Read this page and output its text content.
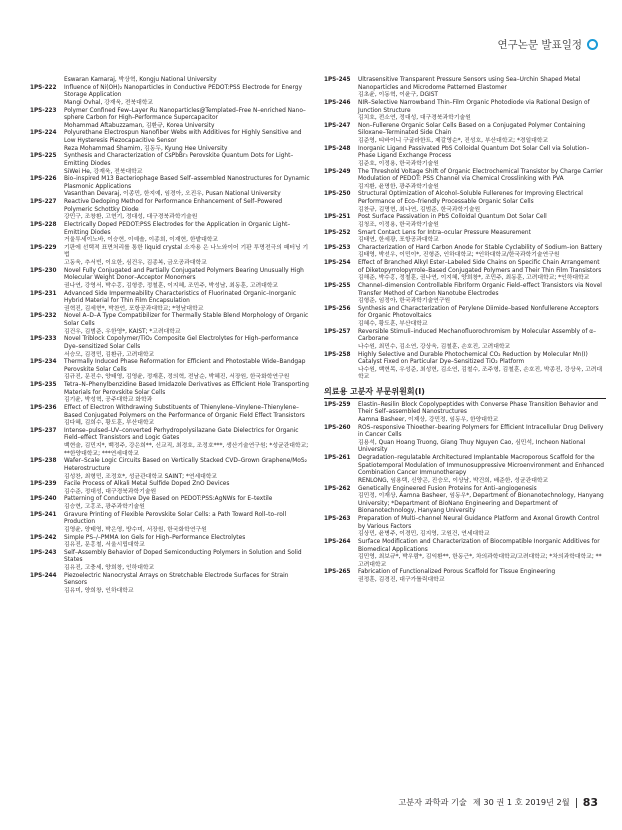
연구논문 발표일정
Eswaran Kamaraj, 박상혁, Kongju National University
1PS-222	Influence of Ni(OH)₂ Nanoparticles in Conductive PEDOT:PSS Electrode for Energy Storage Application
Mangi Ovhal, 강재욱, 전북대학교
1PS-223	Polymer Confined Few–Layer Ru Nanoparticles@Templated–Free N–enriched Nano–sphere Carbon for High–Performance Supercapacitor
Mohammad Aftabuzzaman, 김환규, Korea University
1PS-224	Polyurethane Electrospun Nanofiber Webs with Additives for Highly Sensitive and Low Hysteresis Piezocapacitive Sensor
Reza Mohammad Shamim, 김동두, Kyung Hee University
1PS-225	Synthesis and Characterization of CsPbBr₃ Perovskite Quantum Dots for Light–Emitting Diodes
SiWei He, 강재욱, 전북대학교
1PS-226	Bio–inspired M13 Bacteriophage Based Self–assembled Nanostructures for Dynamic Plasmonic Applications
Vasanthan Devaraj, 이종민, 한지예, 임경아, 오진우, Pusan National University
1PS-227	Reactive Dedoping Method for Performance Enhancement of Self–Powered Polymeric Schottky Diode
강민구, 조창환, 고현기, 정대성, 대구경북과학기술원
1PS-228	Electrically Doped PEDOT:PSS Electrodes for the Application in Organic Light–Emitting Diodes
거울투세이노바, 이승현, 이예솔, 이종희, 이재현, 한밭대학교
1PS-229	기판에 선택적 표면처리를 통한 liquid crystal 소자용 은 나노와이어 기판 투명전극의 패터닝 기법
고동욱, 추서빈, 이요한, 심건우, 김종복, 금오공과대학교
1PS-230	Novel Fully Conjugated and Partially Conjugated Polymers Bearing Unusually High Molecular Weight Donor–Acceptor Monomers
권나연, 강영서, 박수홍, 김형중, 정철훈, 이지혜, 조민주, 박성남, 최동훈, 고려대학교
1PS-231	Advanced Side Impermeability Characteristics of Fluorinated Organic–Inorganic Hybrid Material for Thin Film Encapsulation
권혁진, 김세현*, 박찬언, 포항공과대학교; *영남대학교
1PS-232	Novel A–D–A Type Compatibilizer for Thermally Stable Blend Morphology of Organic Solar Cells
김건우, 김범준, 우한영*, KAIST; *고려대학교
1PS-233	Novel Triblock Copolymer/TiO₂ Composite Gel Electrolytes for High–performance Dye–sensitized Solar Cells
서승모, 김경민, 김환규, 고려대학교
1PS-234	Thermally Induced Phase Reformation for Efficient and Photostable Wide–Bandgap Perovskite Solar Cells
김규진, 문진수, 양태영, 김영윤, 정재훈, 정의혁, 전남순, 박혜진, 서장원, 한국화학연구원
1PS-235	Tetra–N–Phenylbenzidine Based Imidazole Derivatives as Efficient Hole Transporting Materials for Perovskite Solar Cells
김기윤, 박성혁, 공주대학교 화학과
1PS-236	Effect of Electron Withdrawing Substituents of Thienylene–Vinylene–Thienylene–Based Conjugated Polymers on the Performance of Organic Field Effect Transistors
김다혜, 김희수, 황도훈, 부산대학교
1PS-237	Intense–pulsed–UV–converted Perhydropolysilazane Gate Dielectrics for Organic Field–effect Transistors and Logic Gates
백현술, 김민지*, 백정주, 강은희**, 신교직, 최경호, 조정호***, 생산기술연구원; *성균관대학교; **한양대학교; ***연세대학교
1PS-238	Wafer–Scale Logic Circuits Based on Vertically Stacked CVD–Grown Graphene/MoS₂ Heterostructure
김성찬, 최형민, 조정호*, 성균관대학교 SAINT; *연세대학교
1PS-239	Facile Process of Alkali Metal Sulfide Doped ZnO Devices
김수준, 정대성, 대구경북과학기술원
1PS-240	Patterning of Conductive Dye Based on PEDOT:PSS:AgNWs for E–textile
김승현, 고홍조, 광주과학기술원
1PS-241	Gravure Printing of Flexible Perovskite Solar Cells: a Path Toward Roll–to–roll Production
김영윤, 양태영, 박은영, 방수미, 서장원, 한국화학연구원
1PS-242	Simple PS–/–PMMA Ion Gels for High–Performance Electrolytes
김유진, 문홍철, 서울시립대학교
1PS-243	Self–Assembly Behavior of Doped Semiconducting Polymers in Solution and Solid States
김유진, 고충세, 양희창, 인하대학교
1PS-244	Piezoelectric Nanocrystal Arrays on Stretchable Electrode Surfaces for Strain Sensors
김유미, 양희창, 인하대학교
1PS-245	Ultrasensitive Transparent Pressure Sensors using Sea–Urchin Shaped Metal Nanoparticles and Microdome Patterned Elastomer
김초윤, 이동혁, 이윤구, DGIST
1PS-246	NIR–Selective Narrowband Thin–Film Organic Photodiode via Rational Design of Junction Structure
김치호, 전소연, 정대성, 대구경북과학기술원
1PS-247	Non–Fullerene Organic Solar Cells Based on a Conjugated Polymer Containing Siloxane–Terminated Side Chain
김준영, 티바이니 구굴라한트, 제갈영순*, 진성호, 부산대학교; *경일대학교
1PS-248	Inorganic Ligand Passivated PbS Colloidal Quantum Dot Solar Cell via Solution–Phase Ligand Exchange Process
김준호, 이정용, 한국과학기술원
1PS-249	The Threshold Voltage Shift of Organic Electrochemical Transistor by Charge Carrier Modulation of PEDOT: PSS Channel via Chemical Crosslinking with PVA
김지환, 윤명한, 광주과학기술원
1PS-250	Structural Optimization of Alcohol–Soluble Fullerenes for Improving Electrical Performance of Eco–friendly Processable Organic Solar Cells
김찬규, 김명현, 최나연, 김범준, 한국과학기술원
1PS-251	Post Surface Passivation in PbS Colloidal Quantum Dot Solar Cell
김청조, 이정용, 한국과학기술원
1PS-252	Smart Contact Lens for Intra–ocular Pressure Measurement
김태연, 한세광, 포항공과대학교
1PS-253	Characterization of Hard Carbon Anode for Stable Cyclability of Sodium–ion Battery
김태영, 박선우, 이민이*, 진형준, 인하대학교; *인하대학교/한국과학기술연구원
1PS-254	Effect of Branched Alkyl Ester–Labeled Side Chains on Specific Chain Arrangement of Diketopyrrolopyrrole–Based Conjugated Polymers and Their Thin Film Transistors
김해준, 박수홍, 정철훈, 권나연, 이지혜, 양희창*, 조민주, 최동훈, 고려대학교; *인하대학교
1PS-255	Channel–dimension Controllable Fibriform Organic Field–effect Transistors via Novel Transfer Method of Carbon Nanotube Electrodes
김형준, 임정아, 한국과학기술연구원
1PS-256	Synthesis and Characterization of Perylene Diimide–based Nonfullerene Acceptors for Organic Photovoltaics
김혜수, 황도훈, 부산대학교
1PS-257	Reversible Stimuli–induced Mechanofluorochromism by Molecular Assembly of α–Carborane
나수원, 최민수, 김소연, 강상욱, 김철훈, 손호진, 고려대학교
1PS-258	Highly Selective and Durable Photochemical CO₂ Reduction by Molecular Mn(I) Catalyst Fixed on Particular Dye–Sensitized TiO₂ Platform
나수원, 백현목, 우성준, 최성현, 김소연, 김철수, 조주형, 김철훈, 손호진, 박종진, 강상욱, 고려대학교
의료용 고분자 부문위원회(I)
1PS-259	Elastin–Resilin Block Copolypeptides with Converse Phase Transition Behavior and Their Self–assembled Nanostructures
Aamna Basheer, 이제상, 강민정, 임동우, 한양대학교
1PS-260	ROS–responsive Thioether–bearing Polymers for Efficient Intracellular Drug Delivery in Cancer Cells
김용석, Quan Hoang Truong, Giang Thuy Nguyen Cao, 심민석, Incheon National University
1PS-261	Degradation–regulatable Architectured Implantable Macroporous Scaffold for the Spatiotemporal Modulation of Immunosuppressive Microenvironment and Enhanced Combination Cancer Immunotherapy
RENLONG, 임용택, 신양곤, 진승모, 이상남, 박건희, 배준한, 성균관대학교
1PS-262	Genetically Engineered Fusion Proteins for Anti–angiogenesis
김민정, 이재상, Aamna Basheer, 임동우*, Department of Bionanotechnology, Hanyang University; *Department of BioNano Engineering and Department of Bionanotechnology, Hanyang University
1PS-263	Preparation of Multi–channel Neural Guidance Platform and Axonal Growth Control by Various Factors
김상민, 윤병주, 이경민, 김지영, 고원건, 연세대학교
1PS-264	Surface Modification and Characterization of Biocompatible Inorganic Additives for Biomedical Applications
김민영, 최보규*, 박우람*, 김익환**, 한동근*, 차의과학대학교/고려대학교; *차의과학대학교; **고려대학교
1PS-265	Fabrication of Functionalized Porous Scaffold for Tissue Engineering
권정훈, 김경진, 대구가톨릭대학교
고분자 과학과 기술 제 30 권 1 호 2019년 2월 83
